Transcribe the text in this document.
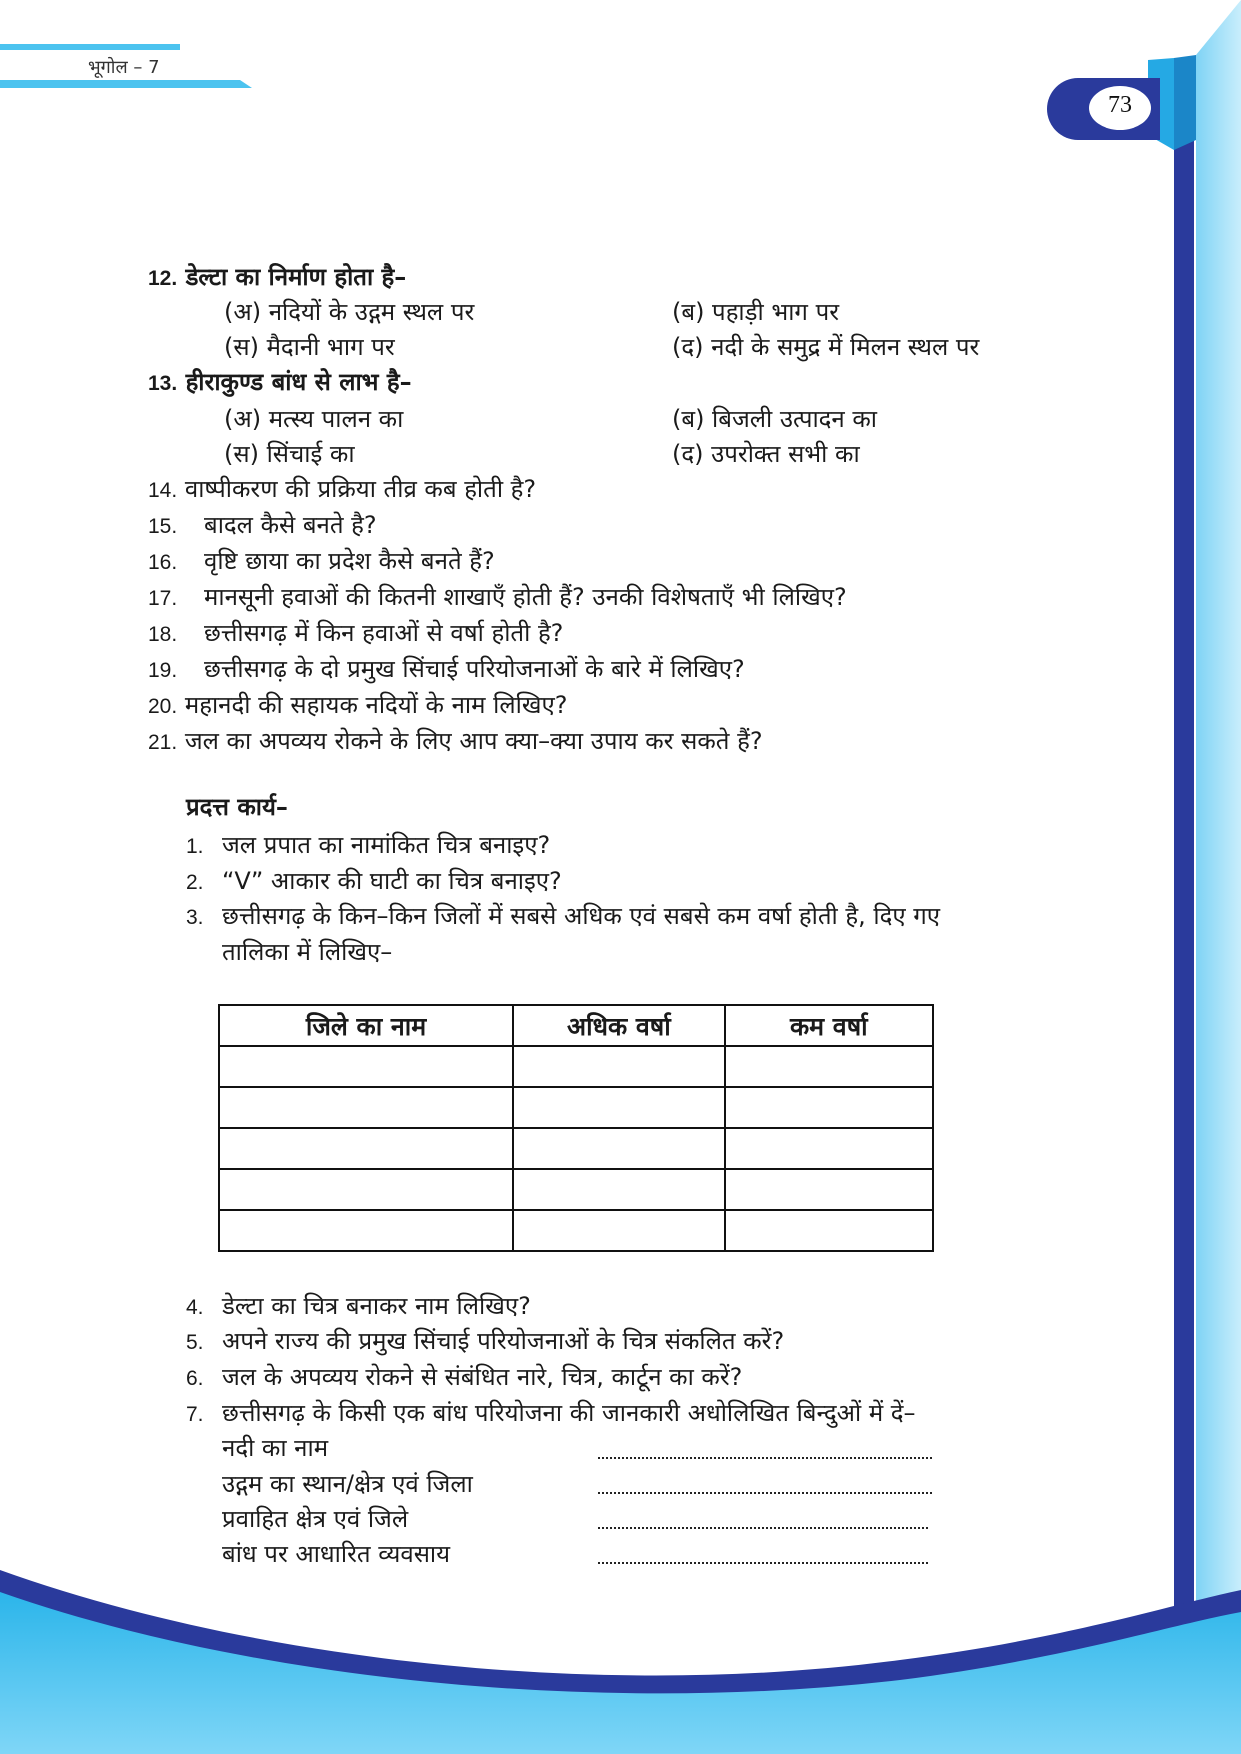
भूगोल – 7
73
12. डेल्टा का निर्माण होता है–
(अ) नदियों के उद्गम स्थल पर	(ब) पहाड़ी भाग पर
(स) मैदानी भाग पर	(द) नदी के समुद्र में मिलन स्थल पर
13. हीराकुण्ड बांध से लाभ है–
(अ) मत्स्य पालन का	(ब) बिजली उत्पादन का
(स) सिंचाई का	(द) उपरोक्त सभी का
14. वाष्पीकरण की प्रक्रिया तीव्र कब होती है?
15. बादल कैसे बनते है?
16. वृष्टि छाया का प्रदेश कैसे बनते हैं?
17. मानसूनी हवाओं की कितनी शाखाएँ होती हैं? उनकी विशेषताएँ भी लिखिए?
18. छत्तीसगढ़ में किन हवाओं से वर्षा होती है?
19. छत्तीसगढ़ के दो प्रमुख सिंचाई परियोजनाओं के बारे में लिखिए?
20. महानदी की सहायक नदियों के नाम लिखिए?
21. जल का अपव्यय रोकने के लिए आप क्या–क्या उपाय कर सकते हैं?
प्रदत्त कार्य–
1. जल प्रपात का नामांकित चित्र बनाइए?
2. “V” आकार की घाटी का चित्र बनाइए?
3. छत्तीसगढ़ के किन–किन जिलों में सबसे अधिक एवं सबसे कम वर्षा होती है, दिए गए
तालिका में लिखिए–
जिले का नाम	अधिक वर्षा	कम वर्षा

4. डेल्टा का चित्र बनाकर नाम लिखिए?
5. अपने राज्य की प्रमुख सिंचाई परियोजनाओं के चित्र संकलित करें?
6. जल के अपव्यय रोकने से संबंधित नारे, चित्र, कार्टून का करें?
7. छत्तीसगढ़ के किसी एक बांध परियोजना की जानकारी अधोलिखित बिन्दुओं में दें–
नदी का नाम
उद्गम का स्थान/क्षेत्र एवं जिला
प्रवाहित क्षेत्र एवं जिले
बांध पर आधारित व्यवसाय
